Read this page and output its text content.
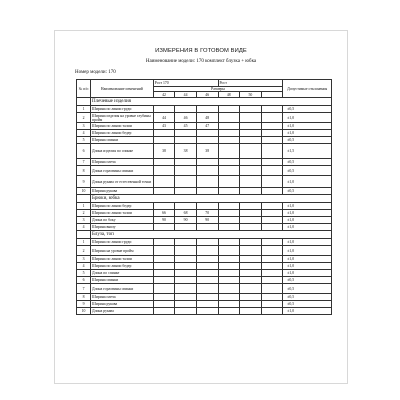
ИЗМЕРЕНИЯ В ГОТОВОМ ВИДЕ
Наименование модели: 170 комплект блузка + юбка
Номер модели: 170
№ п/п	Наименование изменений	Рост 170			Рост			Допустимые отклонения
		Размеры						
		42	44	46	48	50		
	Плечевые изделия							
1	Ширина по линии груди							±0,5
2	Ширина изделия на уровне глубины пройм	44	46	48				±1,0
3	Ширина по линии талии	43	45	47				±1,0
4	Ширина по линии бедер							±1,0
5	Ширина спинки							±0,5
6	Длина изделия по спинке	38	38	38				±1,5
7	Ширина плеча							±0,5
8	Длина горловины спинки							±0,5
9	Длина рукава от естественной точки							±1,0
10	Ширина рукава							±0,5
	Брюки, юбка							
1	Ширина по линии бедер							±1,0
2	Ширина по линии талии	66	68	70				±1,0
3	Длина по боку	90	90	90				±1,0
4	Ширина внизу							±1,0
	Блуза, топ							
1	Ширина по линии груди							±1,0
2	Ширина на уровне пройм							±1,0
3	Ширина по линии талии							±1,0
4	Ширина по линии бедер							±1,0
5	Длина по спинке							±1,0
6	Ширина спинки							±0,5
7	Длина горловины спинки							±0,5
8	Ширина плеча							±0,5
9	Ширина рукава							±0,5
10	Длина рукава							±1,0
